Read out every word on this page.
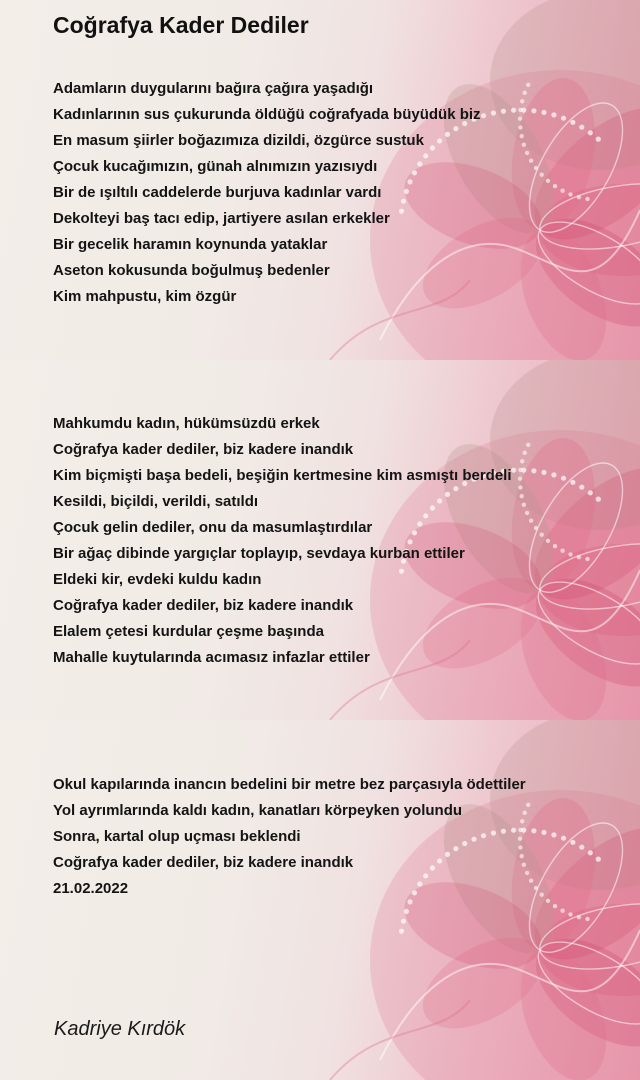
Coğrafya Kader Dediler
Adamların duygularını bağıra çağıra yaşadığı
Kadınlarının sus çukurunda öldüğü coğrafyada büyüdük biz
En masum şiirler boğazımıza dizildi, özgürce sustuk
Çocuk kucağımızın, günah alnımızın yazısıydı
Bir de ışıltılı caddelerde burjuva kadınlar vardı
Dekolteyi baş tacı edip, jartiyere asılan erkekler
Bir gecelik haramın koynunda yataklar
Aseton kokusunda boğulmuş bedenler
Kim mahpustu, kim özgür
Mahkumdu kadın, hükümsüzdü erkek
Coğrafya kader dediler, biz kadere inandık
Kim biçmişti başa bedeli, beşiğin kertmesine kim asmıştı berdeli
Kesildi, biçildi, verildi, satıldı
Çocuk gelin dediler, onu da masumlaştırdılar
Bir ağaç dibinde yargıçlar toplayıp, sevdaya kurban ettiler
Eldeki kir, evdeki kuldu kadın
Coğrafya kader dediler, biz kadere inandık
Elalem çetesi kurdular çeşme başında
Mahalle kuytularında acımasız infazlar ettiler
Okul kapılarında inancın bedelini bir metre bez parçasıyla ödettiler
Yol ayrımlarında kaldı kadın, kanatları körpeyken yolundu
Sonra, kartal olup uçması beklendi
Coğrafya kader dediler, biz kadere inandık
21.02.2022
Kadriye Kırdök
